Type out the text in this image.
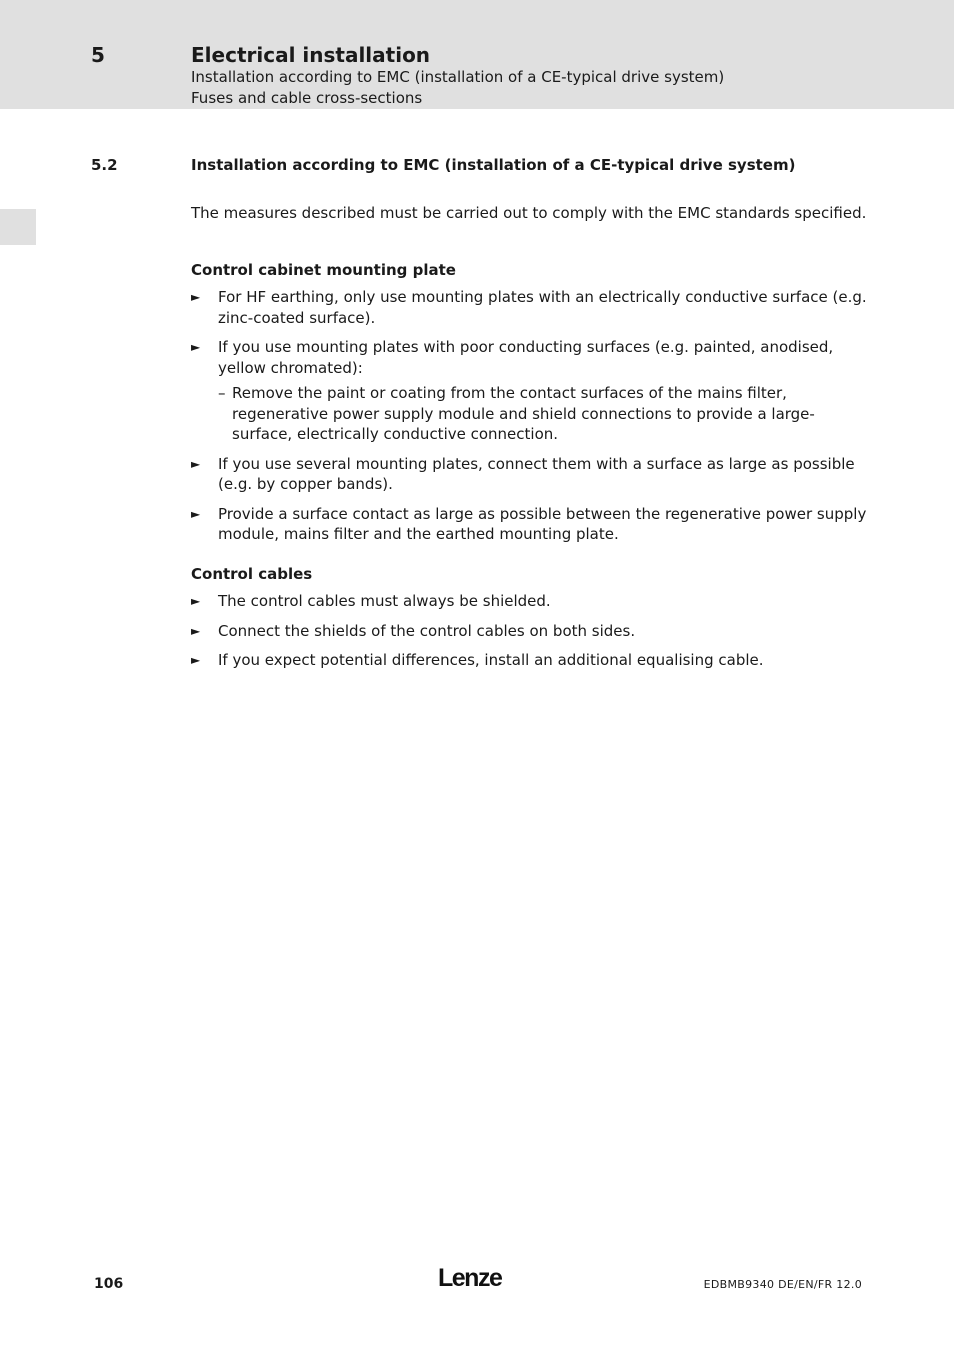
5	Electrical installation
Installation according to EMC (installation of a CE-typical drive system)
Fuses and cable cross-sections
5.2	Installation according to EMC (installation of a CE-typical drive system)

The measures described must be carried out to comply with the EMC standards specified.

Control cabinet mounting plate
► For HF earthing, only use mounting plates with an electrically conductive surface (e.g. zinc-coated surface).
► If you use mounting plates with poor conducting surfaces (e.g. painted, anodised, yellow chromated):
– Remove the paint or coating from the contact surfaces of the mains filter, regenerative power supply module and shield connections to provide a large-surface, electrically conductive connection.
► If you use several mounting plates, connect them with a surface as large as possible (e.g. by copper bands).
► Provide a surface contact as large as possible between the regenerative power supply module, mains filter and the earthed mounting plate.
Control cables
► The control cables must always be shielded.
► Connect the shields of the control cables on both sides.
► If you expect potential differences, install an additional equalising cable.
106	Lenze	EDBMB9340 DE/EN/FR 12.0
